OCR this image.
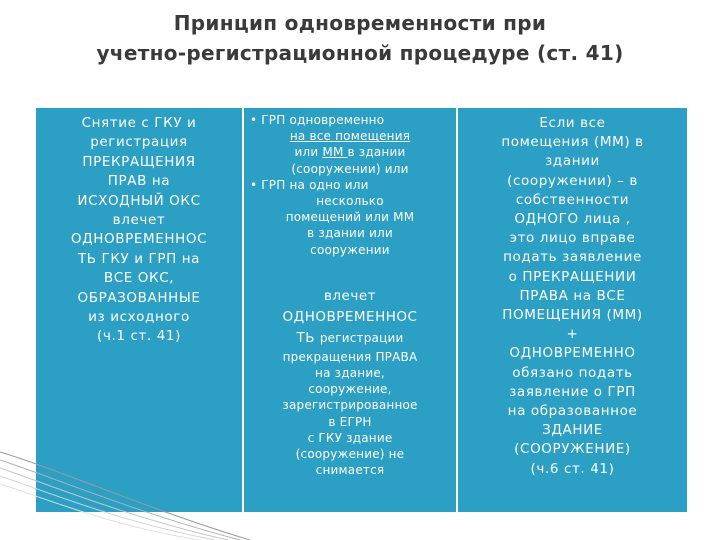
Принцип одновременности при
учетно-регистрационной процедуре (ст. 41)
Снятие с ГКУ и
регистрация
ПРЕКРАЩЕНИЯ
ПРАВ на
ИСХОДНЫЙ ОКС
влечет
ОДНОВРЕМЕННОС
ТЬ ГКУ и ГРП на
ВСЕ ОКС,
ОБРАЗОВАННЫЕ
из исходного
(ч.1 ст. 41)
• ГРП одновременно
на все помещения
или ММ в здании
(сооружении) или
• ГРП на одно или
несколько
помещений или ММ
в здании или
сооружении
влечет
ОДНОВРЕМЕННОС
ТЬ регистрации
прекращения ПРАВА
на здание,
сооружение,
зарегистрированное
в ЕГРН
с ГКУ здание
(сооружение) не
снимается
Если все
помещения (ММ) в
здании
(сооружении) – в
собственности
ОДНОГО лица ,
это лицо вправе
подать заявление
о ПРЕКРАЩЕНИИ
ПРАВА на ВСЕ
ПОМЕЩЕНИЯ (ММ)
+
ОДНОВРЕМЕННО
обязано подать
заявление о ГРП
на образованное
ЗДАНИЕ
(СООРУЖЕНИЕ)
(ч.6 ст. 41)
